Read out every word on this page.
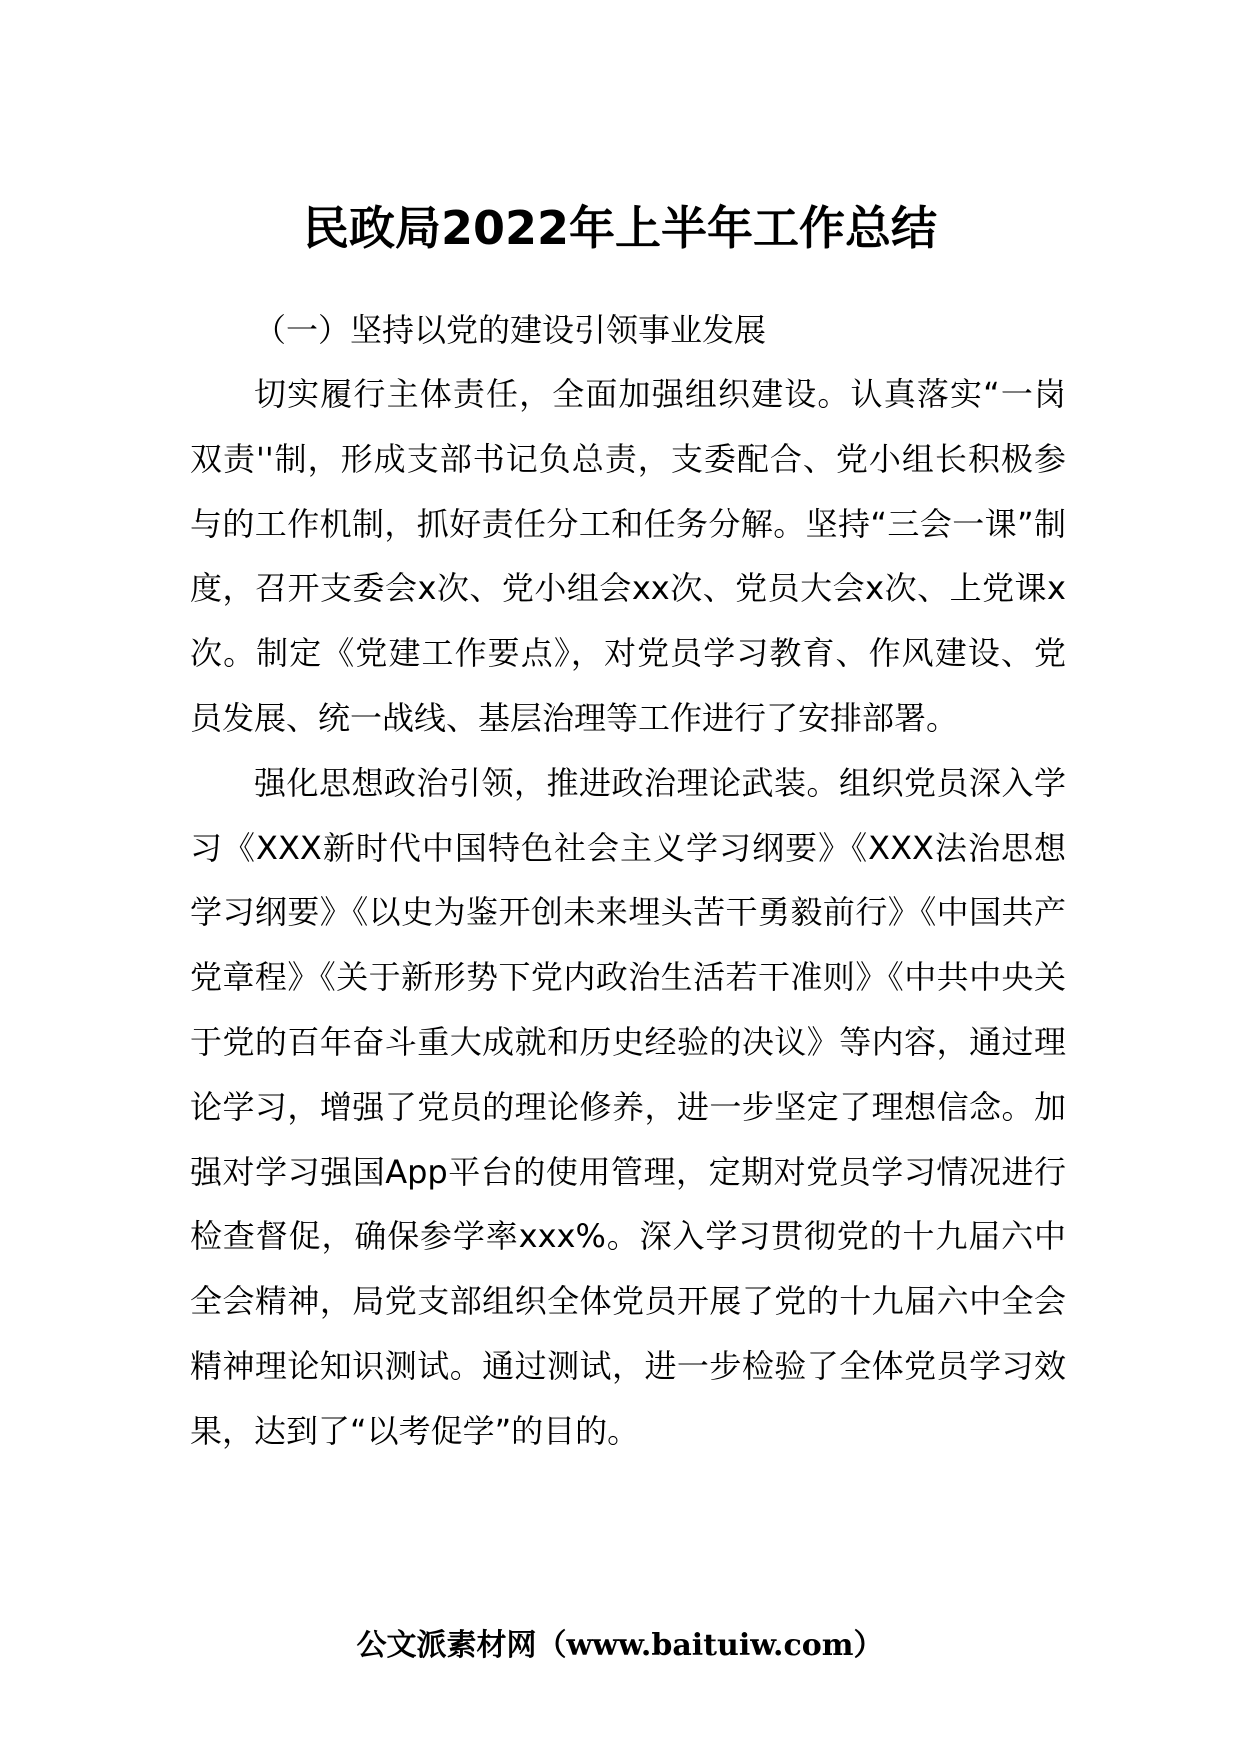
民政局2022年上半年工作总结

（一）坚持以党的建设引领事业发展

切实履行主体责任，全面加强组织建设。认真落实“一岗双责''制，形成支部书记负总责，支委配合、党小组长积极参与的工作机制，抓好责任分工和任务分解。坚持“三会一课”制度，召开支委会x次、党小组会xx次、党员大会x次、上党课x次。制定《党建工作要点》，对党员学习教育、作风建设、党员发展、统一战线、基层治理等工作进行了安排部署。

强化思想政治引领，推进政治理论武装。组织党员深入学习《XXX新时代中国特色社会主义学习纲要》《XXX法治思想学习纲要》《以史为鉴开创未来埋头苦干勇毅前行》《中国共产党章程》《关于新形势下党内政治生活若干准则》《中共中央关于党的百年奋斗重大成就和历史经验的决议》等内容，通过理论学习，增强了党员的理论修养，进一步坚定了理想信念。加强对学习强国App平台的使用管理，定期对党员学习情况进行检查督促，确保参学率xxx%。深入学习贯彻党的十九届六中全会精神，局党支部组织全体党员开展了党的十九届六中全会精神理论知识测试。通过测试，进一步检验了全体党员学习效果，达到了“以考促学”的目的。

公文派素材网（www.baituiw.com）
